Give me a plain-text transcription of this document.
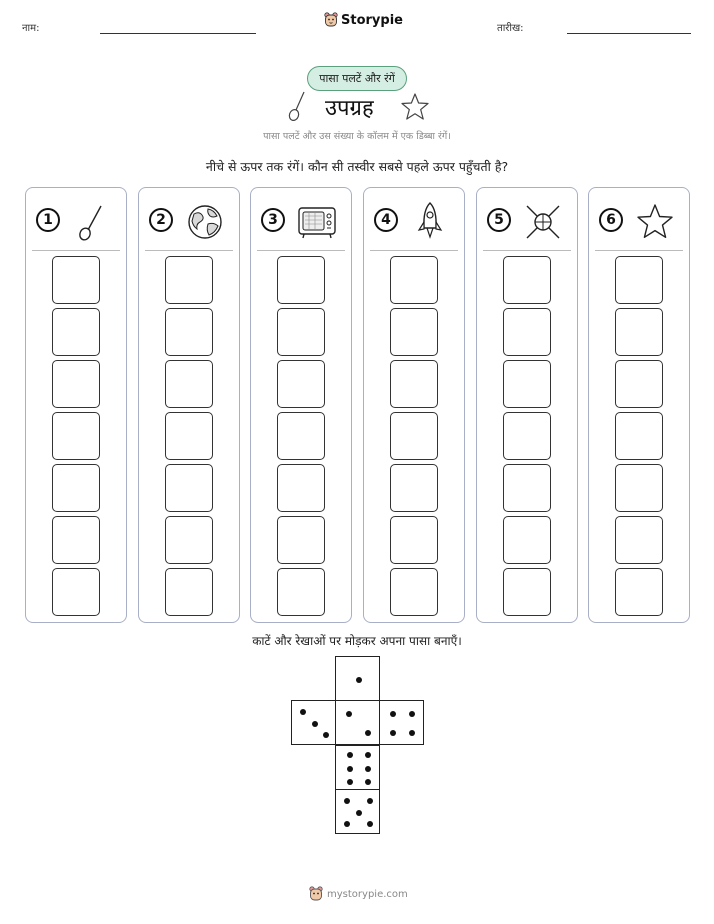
नाम:
Storypie
तारीख:
पासा पलटें और रंगें
उपग्रह
पासा पलटें और उस संख्या के कॉलम में एक डिब्बा रंगें।
नीचे से ऊपर तक रंगें। कौन सी तस्वीर सबसे पहले ऊपर पहुँचती है?
1	2	3	4	5	6
काटें और रेखाओं पर मोड़कर अपना पासा बनाएँ।
mystorypie.com
